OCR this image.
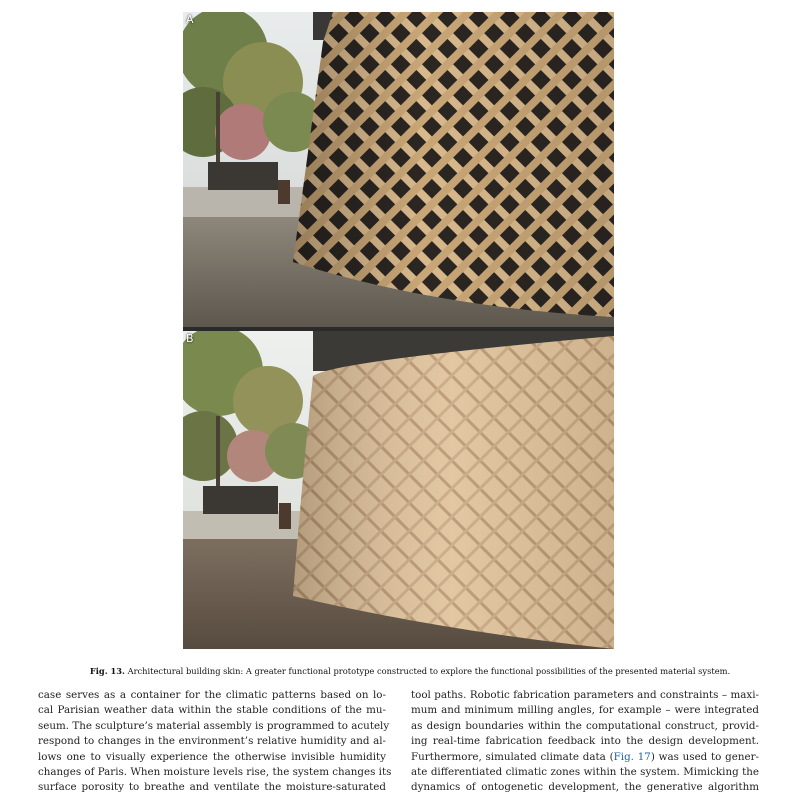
A
B
Fig. 13. Architectural building skin: A greater functional prototype constructed to explore the functional possibilities of the presented material system.
case serves as a container for the climatic patterns based on lo-
cal Parisian weather data within the stable conditions of the mu-
seum. The sculpture’s material assembly is programmed to acutely
respond to changes in the environment’s relative humidity and al-
lows one to visually experience the otherwise invisible humidity
changes of Paris. When moisture levels rise, the system changes its
surface porosity to breathe and ventilate the moisture-saturated
tool paths. Robotic fabrication parameters and constraints – maxi-
mum and minimum milling angles, for example – were integrated
as design boundaries within the computational construct, provid-
ing real-time fabrication feedback into the design development.
Furthermore, simulated climate data (Fig. 17) was used to gener-
ate differentiated climatic zones within the system. Mimicking the
dynamics of ontogenetic development, the generative algorithm
